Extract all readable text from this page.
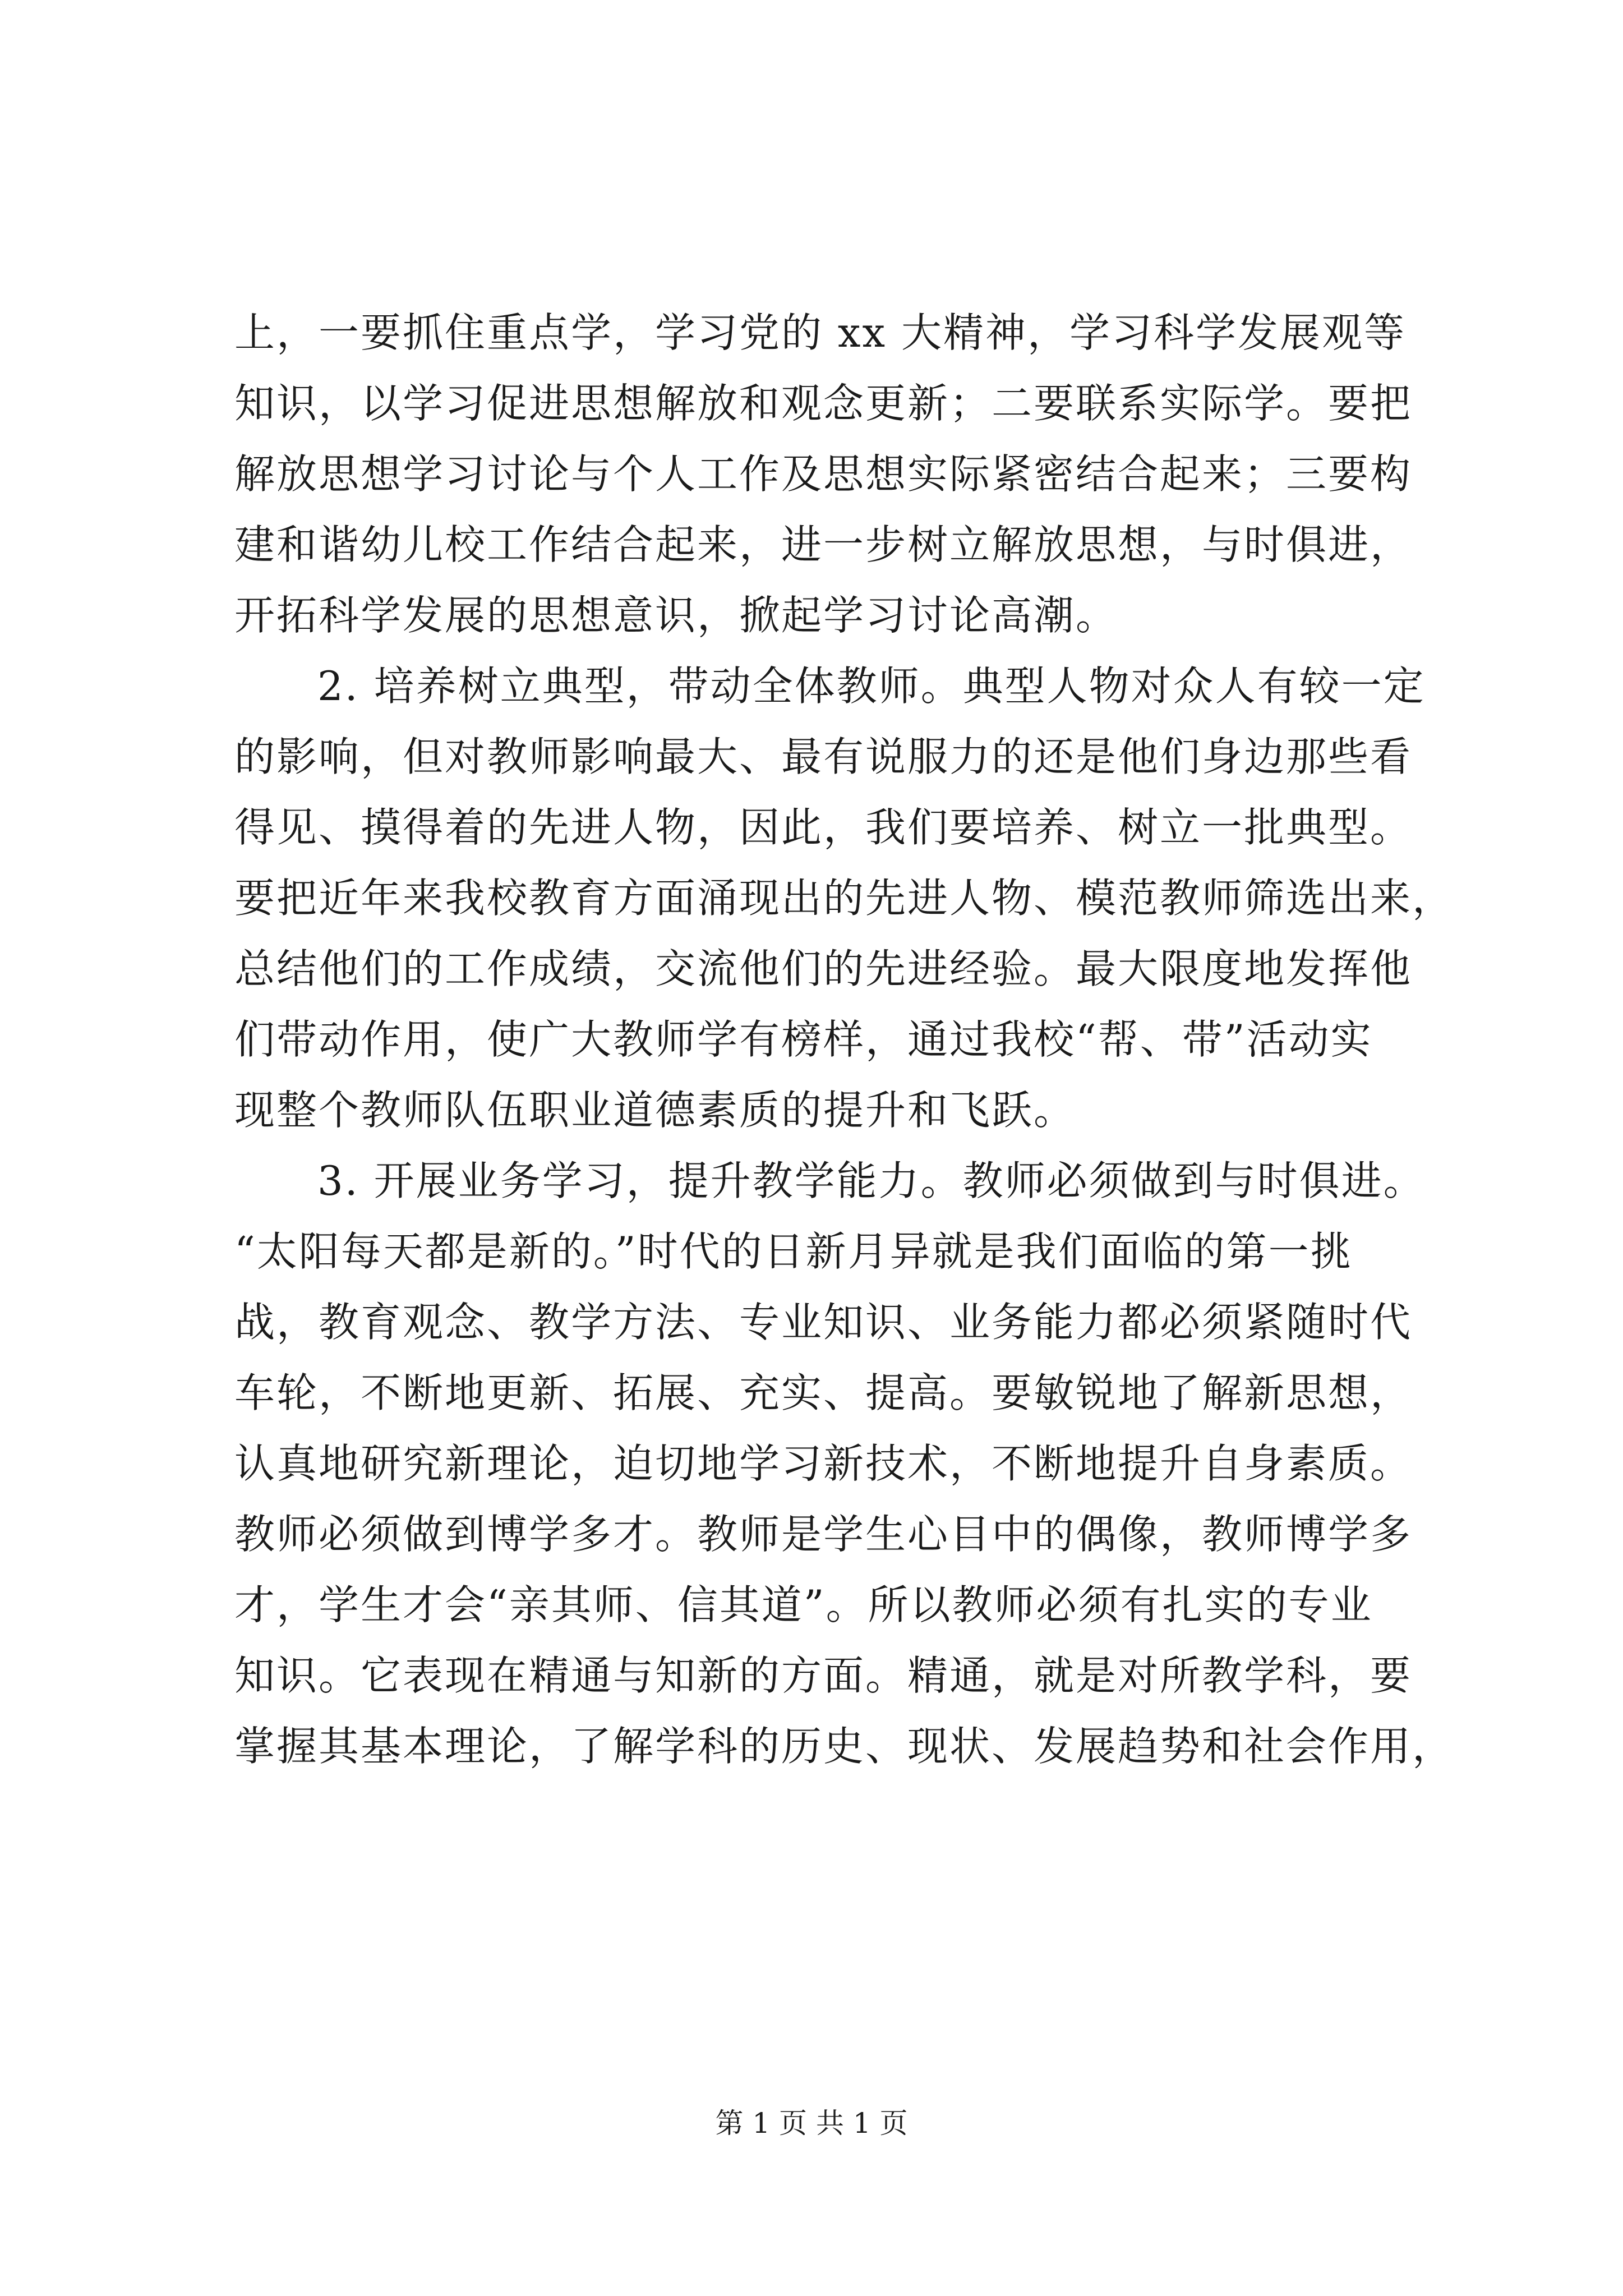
上，一要抓住重点学，学习党的 xx 大精神，学习科学发展观等
知识，以学习促进思想解放和观念更新；二要联系实际学。要把
解放思想学习讨论与个人工作及思想实际紧密结合起来；三要构
建和谐幼儿校工作结合起来，进一步树立解放思想，与时俱进，
开拓科学发展的思想意识，掀起学习讨论高潮。
2. 培养树立典型，带动全体教师。典型人物对众人有较一定
的影响，但对教师影响最大、最有说服力的还是他们身边那些看
得见、摸得着的先进人物，因此，我们要培养、树立一批典型。
要把近年来我校教育方面涌现出的先进人物、模范教师筛选出来，
总结他们的工作成绩，交流他们的先进经验。最大限度地发挥他
们带动作用，使广大教师学有榜样，通过我校“帮、带”活动实
现整个教师队伍职业道德素质的提升和飞跃。
3. 开展业务学习，提升教学能力。教师必须做到与时俱进。
“太阳每天都是新的。”时代的日新月异就是我们面临的第一挑
战，教育观念、教学方法、专业知识、业务能力都必须紧随时代
车轮，不断地更新、拓展、充实、提高。要敏锐地了解新思想，
认真地研究新理论，迫切地学习新技术，不断地提升自身素质。
教师必须做到博学多才。教师是学生心目中的偶像，教师博学多
才，学生才会“亲其师、信其道”。所以教师必须有扎实的专业
知识。它表现在精通与知新的方面。精通，就是对所教学科，要
掌握其基本理论，了解学科的历史、现状、发展趋势和社会作用，
第 1 页 共 1 页
